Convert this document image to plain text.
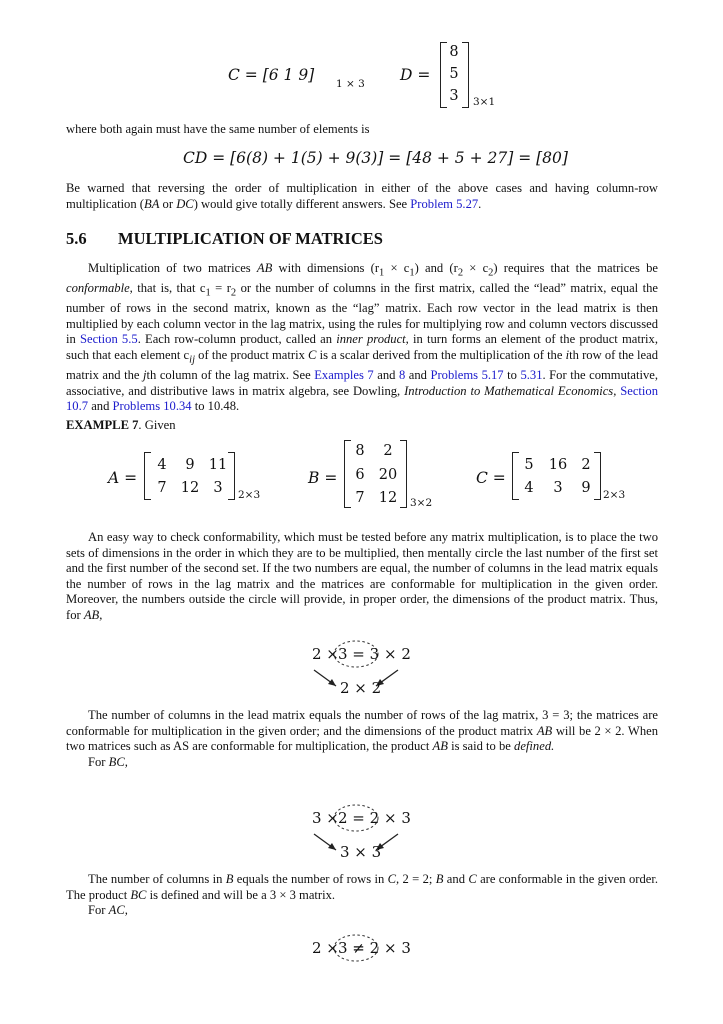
C = [6 1 9] 1 × 3 D =
8
5
3	3×1

where both again must have the same number of elements is

CD = [6(8) + 1(5) + 9(3)] = [48 + 5 + 27] = [80]

Be warned that reversing the order of multiplication in either of the above cases and having column-row multiplication (BA or DC) would give totally different answers. See Problem 5.27.

5.6 MULTIPLICATION OF MATRICES

Multiplication of two matrices AB with dimensions $(r_1 \times c_1)$ and $(r_2 \times c_2)$ requires that the matrices be conformable, that is, that $c_1 = r_2$ or the number of columns in the first matrix, called the “lead” matrix, equal the number of rows in the second matrix, known as the “lag” matrix. Each row vector in the lead matrix is then multiplied by each column vector in the lag matrix, using the rules for multiplying row and column vectors discussed in Section 5.5. Each row-column product, called an inner product, in turn forms an element of the product matrix, such that each element $c_{ij}$ of the product matrix C is a scalar derived from the multiplication of the ith row of the lead matrix and the jth column of the lag matrix. See Examples 7 and 8 and Problems 5.17 to 5.31. For the commutative, associative, and distributive laws in matrix algebra, see Dowling, Introduction to Mathematical Economics, Section 10.7 and Problems 10.34 to 10.48.

EXAMPLE 7. Given
A =
4	9 11
7 12 3	2×3
B =
8	2
6 20
7 12 3×2
C =
5	16 2
4	3	9	2×3

An easy way to check conformability, which must be tested before any matrix multiplication, is to place the two sets of dimensions in the order in which they are to be multiplied, then mentally circle the last number of the first set and the first number of the second set. If the two numbers are equal, the number of columns in the lead matrix equals the number of rows in the lag matrix and the matrices are conformable for multiplication in the given order. Moreover, the numbers outside the circle will provide, in proper order, the dimensions of the product matrix. Thus, for AB,

2 × 3 = 3 × 2
2 × 2

The number of columns in the lead matrix equals the number of rows of the lag matrix, 3 = 3; the matrices are conformable for multiplication in the given order; and the dimensions of the product matrix AB will be 2 × 2. When two matrices such as AS are conformable for multiplication, the product AB is said to be defined.

For BC,

3 × 2 = 2 × 3
3 × 3

The number of columns in B equals the number of rows in C, 2 = 2; B and C are conformable in the given order. The product BC is defined and will be a 3 × 3 matrix.

For AC,

2 × 3 ≠ 2 × 3
